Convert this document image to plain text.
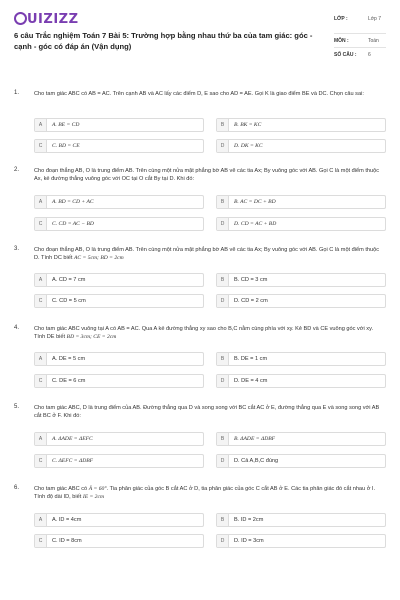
UIZIZZ
6 câu Trắc nghiệm Toán 7 Bài 5: Trường hợp bằng nhau thứ ba của tam giác: góc - cạnh - góc có đáp án (Vận dụng)
LỚP :	Lớp 7
MÔN :	Toán
SỐ CÂU : 6
1.	Cho tam giác ABC có AB = AC. Trên cạnh AB và AC lấy các điểm D, E sao cho AD = AE. Gọi K là giao điểm BE và DC. Chọn câu sai:
A	A. BE = CD	B	B. BK = KC
C	C. BD = CE	D	D. DK = KC
2.	Cho đoạn thẳng AB, O là trung điểm AB. Trên cùng một nửa mặt phẳng bờ AB vẽ các tia Ax; By vuông góc với AB. Gọi C là một điểm thuộc Ax, kẻ đường thẳng vuông góc với OC tại O cắt By tại D. Khi đó:
A	A. BD = CD + AC	B	B. AC = DC + BD
C	C. CD = AC − BD	D	D. CD = AC + BD
3.	Cho đoạn thẳng AB, O là trung điểm AB. Trên cùng một nửa mặt phẳng bờ AB vẽ các tia Ax; By vuông góc với AB. Gọi C là một điểm thuộc D. Tính DC biết AC = 5cm; BD = 2cm
A	A. CD = 7 cm	B	B. CD = 3 cm
C	C. CD = 5 cm	D	D. CD = 2 cm
4.	Cho tam giác ABC vuông tại A có AB = AC. Qua A kẻ đường thẳng xy sao cho B,C nằm cùng phía với xy. Kẻ BD và CE vuông góc với xy. Tính DE biết BD = 3cm; CE = 2cm
A	A. DE = 5 cm	B	B. DE = 1 cm
C	C. DE = 6 cm	D	D. DE = 4 cm
5.	Cho tam giác ABC, D là trung điểm của AB. Đường thẳng qua D và song song với BC cắt AC ở E, đường thẳng qua E và song song với AB cắt BC ở F. Khi đó:
A	A. ΔADE = ΔEFC	B	B. ΔADE = ΔDBF
C	C. ΔEFC = ΔDBF	D	D. Cả A,B,C đúng
6.	Cho tam giác ABC có Â = 60°. Tia phân giác của góc B cắt AC ở D, tia phân giác của góc C cắt AB ở E. Các tia phân giác đó cắt nhau ở I. Tính độ dài ID, biết IE = 2cm
A	A. ID = 4cm	B	B. ID = 2cm
C	C. ID = 8cm	D	D. ID = 3cm
